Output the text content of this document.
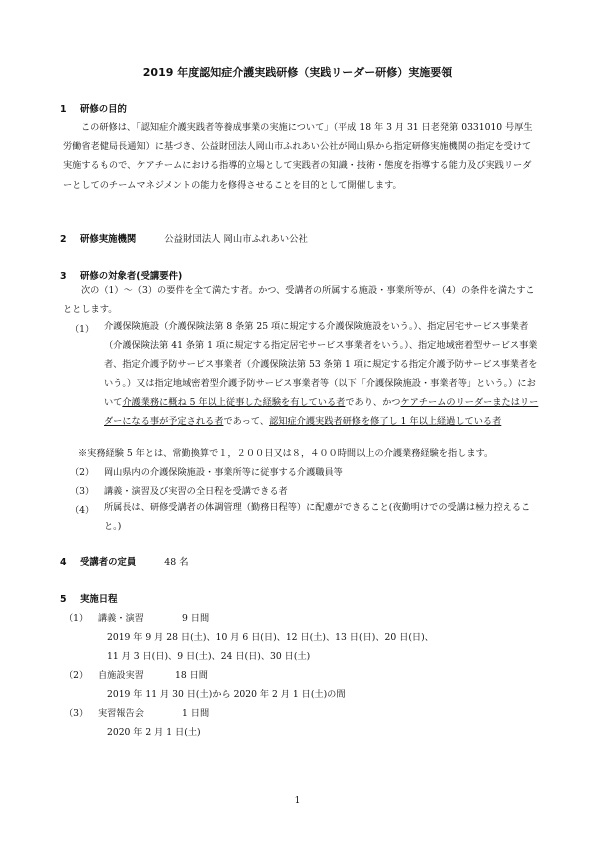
2019 年度認知症介護実践研修（実践リーダー研修）実施要領
1 研修の目的
この研修は、「認知症介護実践者等養成事業の実施について」（平成 18 年 3 月 31 日老発第 0331010 号厚生労働省老健局長通知）に基づき、公益財団法人岡山市ふれあい公社が岡山県から指定研修実施機関の指定を受けて実施するもので、ケアチームにおける指導的立場として実践者の知識・技術・態度を指導する能力及び実践リーダーとしてのチームマネジメントの能力を修得させることを目的として開催します。
2 研修実施機関	公益財団法人 岡山市ふれあい公社
3 研修の対象者(受講要件)
次の（1）～（3）の要件を全て満たす者。かつ、受講者の所属する施設・事業所等が、（4）の条件を満たすこととします。
（1） 介護保険施設（介護保険法第 8 条第 25 項に規定する介護保険施設をいう。）、指定居宅サービス事業者（介護保険法第 41 条第 1 項に規定する指定居宅サービス事業者をいう。）、指定地域密着型サービス事業者、指定介護予防サービス事業者（介護保険法第 53 条第 1 項に規定する指定介護予防サービス事業者をいう。）又は指定地域密着型介護予防サービス事業者等（以下「介護保険施設・事業者等」という。）において介護業務に概ね 5 年以上従事した経験を有している者であり、かつケアチームのリーダーまたはリーダーになる事が予定される者であって、認知症介護実践者研修を修了し 1 年以上経過している者
※実務経験 5 年とは、常勤換算で１，２００日又は８，４００時間以上の介護業務経験を指します。
（2） 岡山県内の介護保険施設・事業所等に従事する介護職員等
（3） 講義・演習及び実習の全日程を受講できる者
（4） 所属長は、研修受講者の体調管理（勤務日程等）に配慮ができること(夜勤明けでの受講は極力控えること。)
4 受講者の定員	48 名
5 実施日程
（1） 講義・演習	9 日間
2019 年 9 月 28 日(土)、10 月 6 日(日)、12 日(土)、13 日(日)、20 日(日)、
11 月 3 日(日)、9 日(土)、24 日(日)、30 日(土)
（2） 自施設実習	18 日間
2019 年 11 月 30 日(土)から 2020 年 2 月 1 日(土)の間
（3） 実習報告会	1 日間
2020 年 2 月 1 日(土)
1
